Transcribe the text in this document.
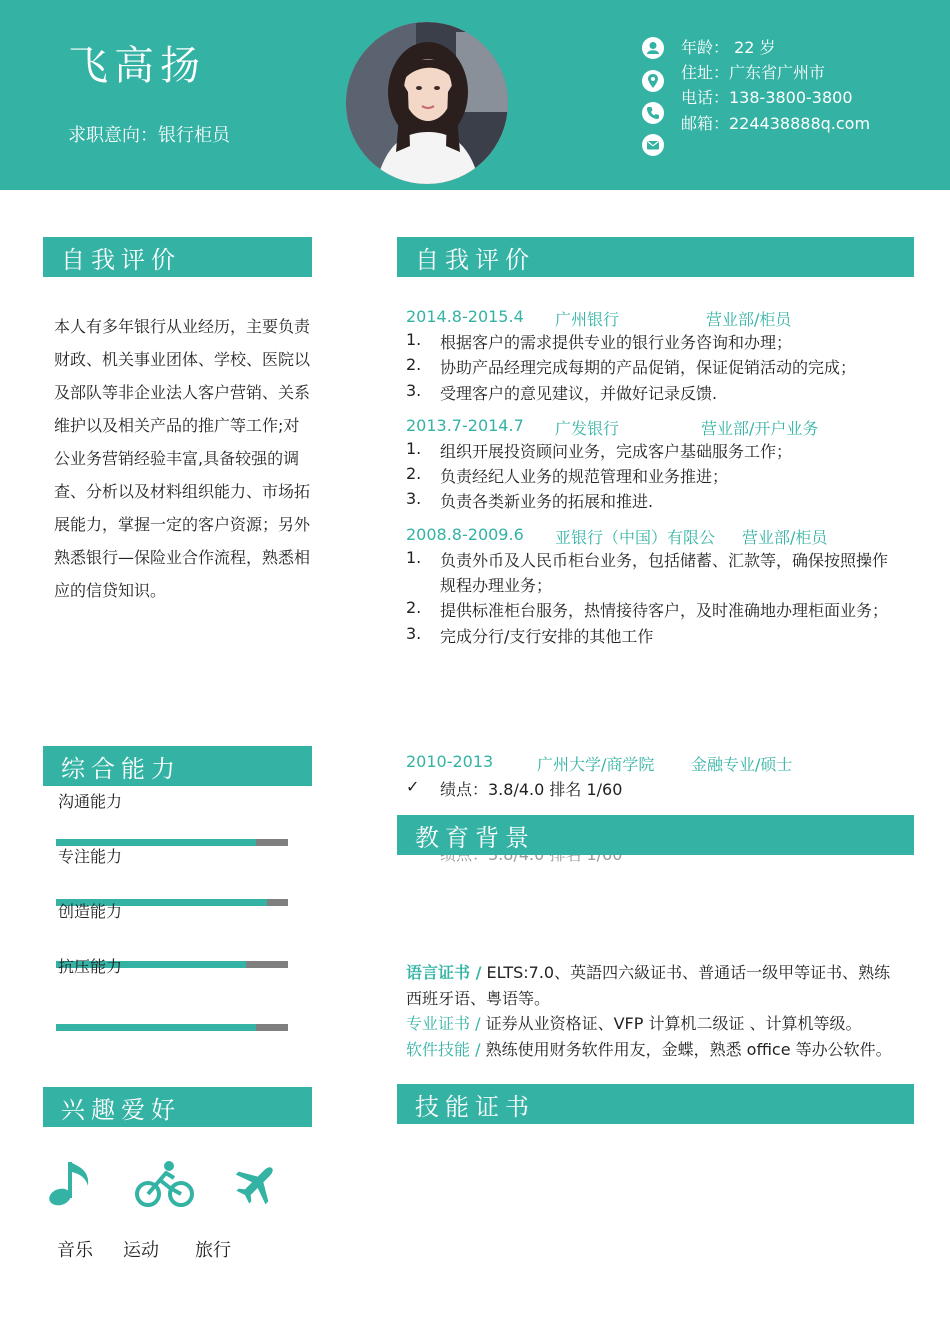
飞高扬
求职意向：银行柜员
年龄： 22 岁
住址：广东省广州市
电话：138-3800-3800
邮箱：224438888q.com
自我评价
本人有多年银行从业经历，主要负责财政、机关事业团体、学校、医院以及部队等非企业法人客户营销、关系维护以及相关产品的推广等工作;对公业务营销经验丰富,具备较强的调查、分析以及材料组织能力、市场拓展能力，掌握一定的客户资源；另外熟悉银行—保险业合作流程，熟悉相应的信贷知识。
综合能力
沟通能力
专注能力
创造能力
抗压能力
兴趣爱好
音乐 运动 旅行
自我评价
2014.8-2015.4 广州银行	营业部/柜员
1. 根据客户的需求提供专业的银行业务咨询和办理；
2. 协助产品经理完成每期的产品促销，保证促销活动的完成；
3. 受理客户的意见建议，并做好记录反馈.
2013.7-2014.7 广发银行	营业部/开户业务
1. 组织开展投资顾问业务，完成客户基础服务工作；
2. 负责经纪人业务的规范管理和业务推进；
3. 负责各类新业务的拓展和推进.
2008.8-2009.6 亚银行（中国）有限公 营业部/柜员
1. 负责外币及人民币柜台业务，包括储蓄、汇款等，确保按照操作
规程办理业务；
2. 提供标准柜台服务，热情接待客户，及时准确地办理柜面业务；
3. 完成分行/支行安排的其他工作
2010-2013	广州大学/商学院 金融专业/硕士
✓ 绩点：3.8/4.0 排名 1/60
教育背景
语言证书 / ELTS:7.0、英語四六級证书、普通话一级甲等证书、熟练
西班牙语、粤语等。
专业证书 / 证券从业资格证、VFP 计算机二级证 、计算机等级。
软件技能 / 熟练使用财务软件用友，金蝶，熟悉 office 等办公软件。
技能证书
